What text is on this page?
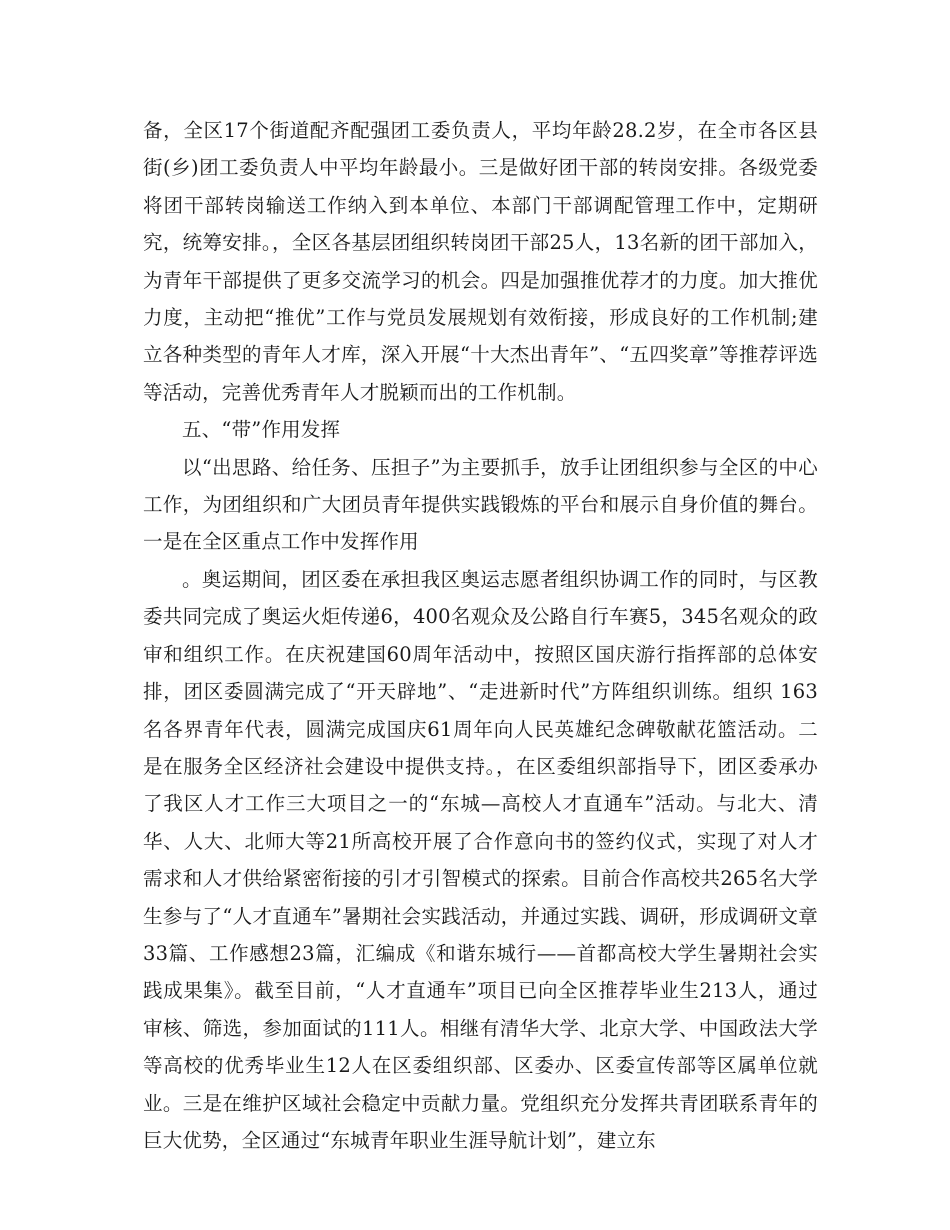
备，全区17个街道配齐配强团工委负责人，平均年龄28.2岁，在全市各区县街(乡)团工委负责人中平均年龄最小。三是做好团干部的转岗安排。各级党委将团干部转岗输送工作纳入到本单位、本部门干部调配管理工作中，定期研究，统筹安排。，全区各基层团组织转岗团干部25人，13名新的团干部加入，为青年干部提供了更多交流学习的机会。四是加强推优荐才的力度。加大推优力度，主动把“推优”工作与党员发展规划有效衔接，形成良好的工作机制;建立各种类型的青年人才库，深入开展“十大杰出青年”、“五四奖章”等推荐评选等活动，完善优秀青年人才脱颖而出的工作机制。

五、“带”作用发挥

以“出思路、给任务、压担子”为主要抓手，放手让团组织参与全区的中心工作，为团组织和广大团员青年提供实践锻炼的平台和展示自身价值的舞台。一是在全区重点工作中发挥作用

。奥运期间，团区委在承担我区奥运志愿者组织协调工作的同时，与区教委共同完成了奥运火炬传递6，400名观众及公路自行车赛5，345名观众的政审和组织工作。在庆祝建国60周年活动中，按照区国庆游行指挥部的总体安排，团区委圆满完成了“开天辟地”、“走进新时代”方阵组织训练。组织 163名各界青年代表，圆满完成国庆61周年向人民英雄纪念碑敬献花篮活动。二是在服务全区经济社会建设中提供支持。，在区委组织部指导下，团区委承办了我区人才工作三大项目之一的“东城—高校人才直通车”活动。与北大、清华、人大、北师大等21所高校开展了合作意向书的签约仪式，实现了对人才需求和人才供给紧密衔接的引才引智模式的探索。目前合作高校共265名大学生参与了“人才直通车”暑期社会实践活动，并通过实践、调研，形成调研文章33篇、工作感想23篇，汇编成《和谐东城行——首都高校大学生暑期社会实践成果集》。截至目前，“人才直通车”项目已向全区推荐毕业生213人，通过审核、筛选，参加面试的111人。相继有清华大学、北京大学、中国政法大学等高校的优秀毕业生12人在区委组织部、区委办、区委宣传部等区属单位就业。三是在维护区域社会稳定中贡献力量。党组织充分发挥共青团联系青年的巨大优势，全区通过“东城青年职业生涯导航计划”，建立东
